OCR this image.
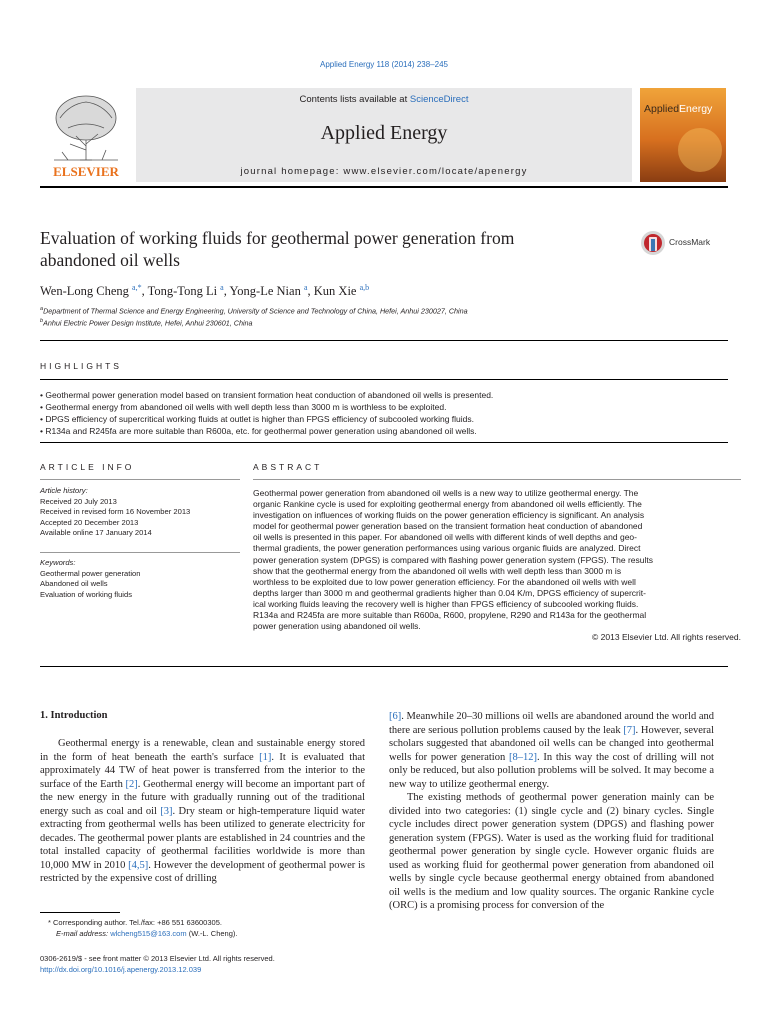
Applied Energy 118 (2014) 238–245
ELSEVIER
Contents lists available at ScienceDirect
Applied Energy
journal homepage: www.elsevier.com/locate/apenergy
AppliedEnergy
Evaluation of working fluids for geothermal power generation from
abandoned oil wells
CrossMark
Wen-Long Cheng $^{a,*}$, Tong-Tong Li $^a$, Yong-Le Nian $^a$, Kun Xie $^{a,b}$
$^a$Department of Thermal Science and Energy Engineering, University of Science and Technology of China, Hefei, Anhui 230027, China
$^b$Anhui Electric Power Design Institute, Hefei, Anhui 230601, China
HIGHLIGHTS
• Geothermal power generation model based on transient formation heat conduction of abandoned oil wells is presented.
• Geothermal energy from abandoned oil wells with well depth less than 3000 m is worthless to be exploited.
• DPGS efficiency of supercritical working fluids at outlet is higher than FPGS efficiency of subcooled working fluids.
• R134a and R245fa are more suitable than R600a, etc. for geothermal power generation using abandoned oil wells.
ARTICLE INFO
Article history:
Received 20 July 2013
Received in revised form 16 November 2013
Accepted 20 December 2013
Available online 17 January 2014
Keywords:
Geothermal power generation
Abandoned oil wells
Evaluation of working fluids
ABSTRACT
Geothermal power generation from abandoned oil wells is a new way to utilize geothermal energy. The
organic Rankine cycle is used for exploiting geothermal energy from abandoned oil wells efficiently. The
investigation on influences of working fluids on the power generation efficiency is significant. An analysis
model for geothermal power generation based on the transient formation heat conduction of abandoned
oil wells is presented in this paper. For abandoned oil wells with different kinds of well depths and geo-
thermal gradients, the power generation performances using various organic fluids are analyzed. Direct
power generation system (DPGS) is compared with flashing power generation system (FPGS). The results
show that the geothermal energy from the abandoned oil wells with well depth less than 3000 m is
worthless to be exploited due to low power generation efficiency. For the abandoned oil wells with well
depths larger than 3000 m and geothermal gradients higher than 0.04 K/m, DPGS efficiency of supercrit-
ical working fluids leaving the recovery well is higher than FPGS efficiency of subcooled working fluids.
R134a and R245fa are more suitable than R600a, R600, propylene, R290 and R143a for the geothermal
power generation using abandoned oil wells.
© 2013 Elsevier Ltd. All rights reserved.
1. Introduction

Geothermal energy is a renewable, clean and sustainable energy stored in the form of heat beneath the earth's surface [1]. It is evaluated that approximately 44 TW of heat power is transferred from the interior to the surface of the Earth [2]. Geothermal energy will become an important part of the new energy in the future with gradually running out of the traditional energy such as coal and oil [3]. Dry steam or high-temperature liquid water extracting from geothermal wells has been utilized to generate electricity for decades. The geothermal power plants are established in 24 countries and the total installed capacity of geothermal facilities worldwide is more than 10,000 MW in 2010 [4,5]. However the development of geothermal power is restricted by the expensive cost of drilling

[6]. Meanwhile 20–30 millions oil wells are abandoned around the world and there are serious pollution problems caused by the leak [7]. However, several scholars suggested that abandoned oil wells can be changed into geothermal wells for power generation [8–12]. In this way the cost of drilling will not only be reduced, but also pollution problems will be solved. It may become a new way to utilize geothermal energy.

The existing methods of geothermal power generation mainly can be divided into two categories: (1) single cycle and (2) binary cycles. Single cycle includes direct power generation system (DPGS) and flashing power generation system (FPGS). Water is used as the working fluid for traditional geothermal power generation by single cycle. However organic fluids are used as working fluid for geothermal power generation from abandoned oil wells by single cycle because geothermal energy obtained from abandoned oil wells is the medium and low quality sources. The organic Rankine cycle (ORC) is a promising process for conversion of the

* Corresponding author. Tel./fax: +86 551 63600305.
E-mail address: wlcheng515@163.com (W.-L. Cheng).
0306-2619/$ - see front matter © 2013 Elsevier Ltd. All rights reserved.
http://dx.doi.org/10.1016/j.apenergy.2013.12.039
